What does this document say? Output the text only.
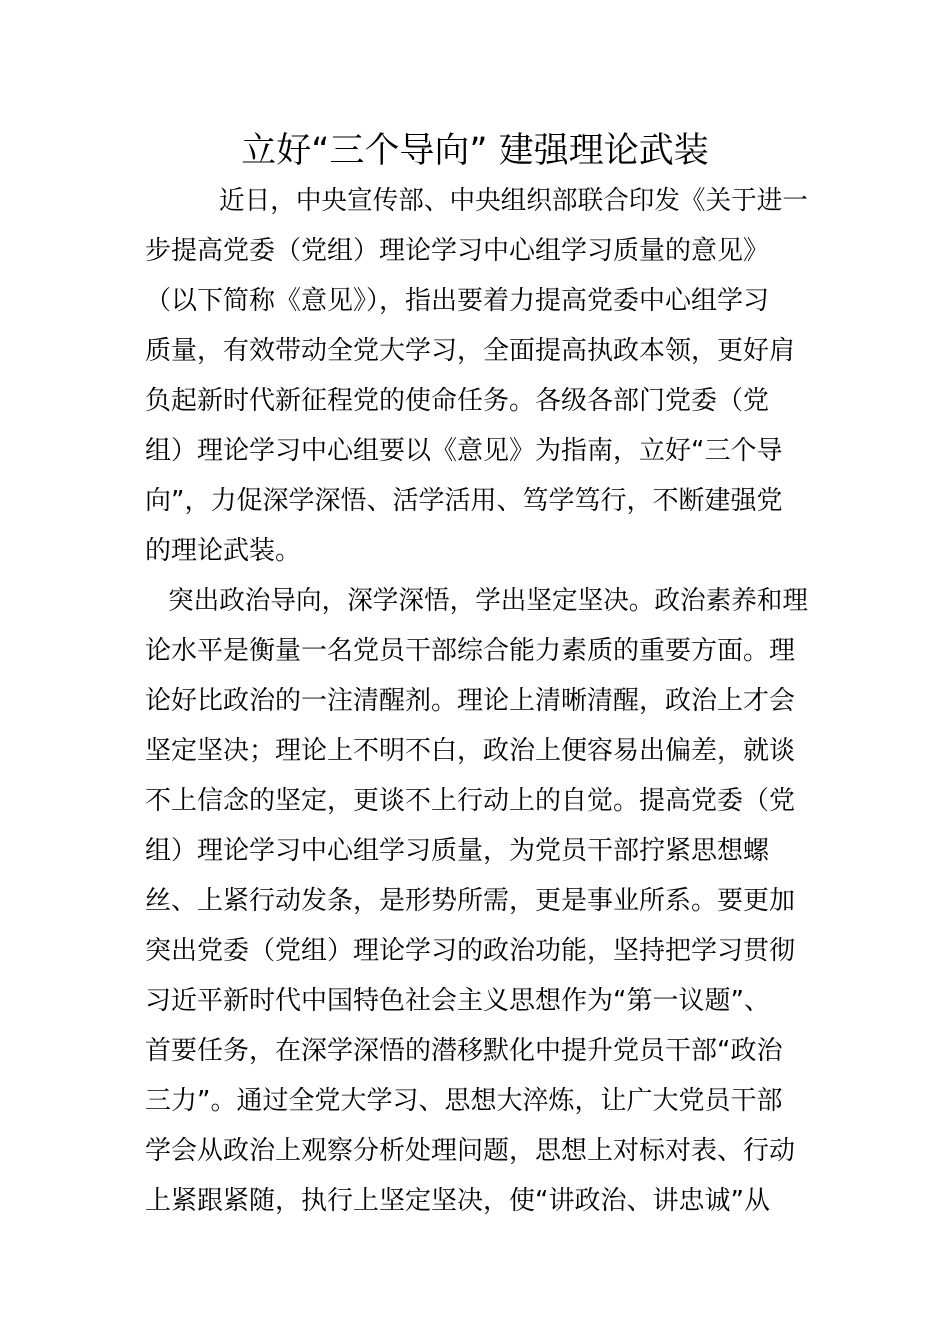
立好“三个导向” 建强理论武装
近日，中央宣传部、中央组织部联合印发《关于进一
步提高党委（党组）理论学习中心组学习质量的意见》
（以下简称《意见》），指出要着力提高党委中心组学习
质量，有效带动全党大学习，全面提高执政本领，更好肩
负起新时代新征程党的使命任务。各级各部门党委（党
组）理论学习中心组要以《意见》为指南，立好“三个导
向”，力促深学深悟、活学活用、笃学笃行，不断建强党
的理论武装。
突出政治导向，深学深悟，学出坚定坚决。政治素养和理
论水平是衡量一名党员干部综合能力素质的重要方面。理
论好比政治的一注清醒剂。理论上清晰清醒，政治上才会
坚定坚决；理论上不明不白，政治上便容易出偏差，就谈
不上信念的坚定，更谈不上行动上的自觉。提高党委（党
组）理论学习中心组学习质量，为党员干部拧紧思想螺
丝、上紧行动发条，是形势所需，更是事业所系。要更加
突出党委（党组）理论学习的政治功能，坚持把学习贯彻
习近平新时代中国特色社会主义思想作为“第一议题”、
首要任务，在深学深悟的潜移默化中提升党员干部“政治
三力”。通过全党大学习、思想大淬炼，让广大党员干部
学会从政治上观察分析处理问题，思想上对标对表、行动
上紧跟紧随，执行上坚定坚决，使“讲政治、讲忠诚”从
